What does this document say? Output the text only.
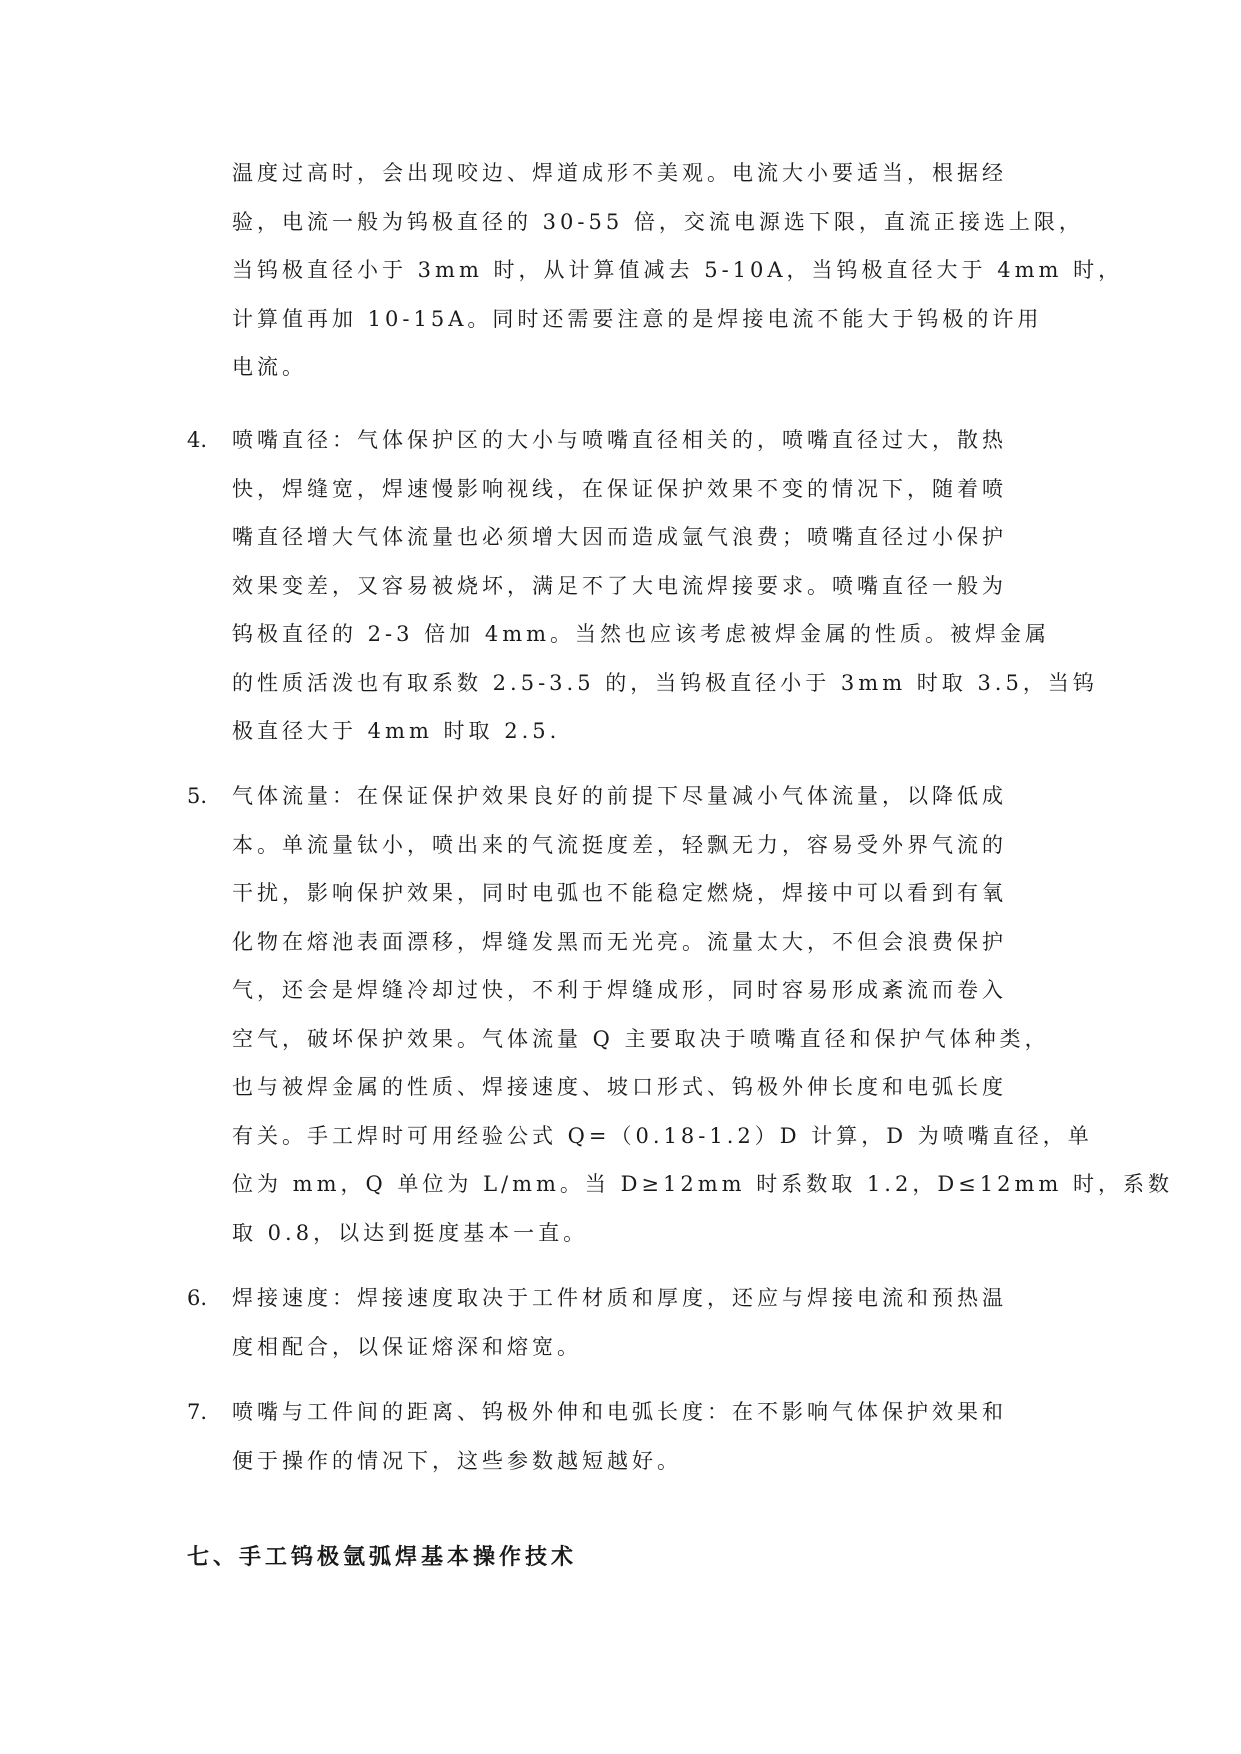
温度过高时，会出现咬边、焊道成形不美观。电流大小要适当，根据经
验，电流一般为钨极直径的 30-55 倍，交流电源选下限，直流正接选上限，
当钨极直径小于 3mm 时，从计算值减去 5-10A，当钨极直径大于 4mm 时，
计算值再加 10-15A。同时还需要注意的是焊接电流不能大于钨极的许用
电流。
4. 喷嘴直径：气体保护区的大小与喷嘴直径相关的，喷嘴直径过大，散热
快，焊缝宽，焊速慢影响视线，在保证保护效果不变的情况下，随着喷
嘴直径增大气体流量也必须增大因而造成氩气浪费；喷嘴直径过小保护
效果变差，又容易被烧坏，满足不了大电流焊接要求。喷嘴直径一般为
钨极直径的 2-3 倍加 4mm。当然也应该考虑被焊金属的性质。被焊金属
的性质活泼也有取系数 2.5-3.5 的，当钨极直径小于 3mm 时取 3.5，当钨
极直径大于 4mm 时取 2.5.
5. 气体流量：在保证保护效果良好的前提下尽量减小气体流量，以降低成
本。单流量钛小，喷出来的气流挺度差，轻飘无力，容易受外界气流的
干扰，影响保护效果，同时电弧也不能稳定燃烧，焊接中可以看到有氧
化物在熔池表面漂移，焊缝发黑而无光亮。流量太大，不但会浪费保护
气，还会是焊缝冷却过快，不利于焊缝成形，同时容易形成紊流而卷入
空气，破坏保护效果。气体流量 Q 主要取决于喷嘴直径和保护气体种类，
也与被焊金属的性质、焊接速度、坡口形式、钨极外伸长度和电弧长度
有关。手工焊时可用经验公式 Q=（0.18-1.2）D 计算，D 为喷嘴直径，单
位为 mm，Q 单位为 L/mm。当 D≥12mm 时系数取 1.2，D≤12mm 时，系数
取 0.8，以达到挺度基本一直。
6. 焊接速度：焊接速度取决于工件材质和厚度，还应与焊接电流和预热温
度相配合，以保证熔深和熔宽。
7. 喷嘴与工件间的距离、钨极外伸和电弧长度：在不影响气体保护效果和
便于操作的情况下，这些参数越短越好。
七、手工钨极氩弧焊基本操作技术
